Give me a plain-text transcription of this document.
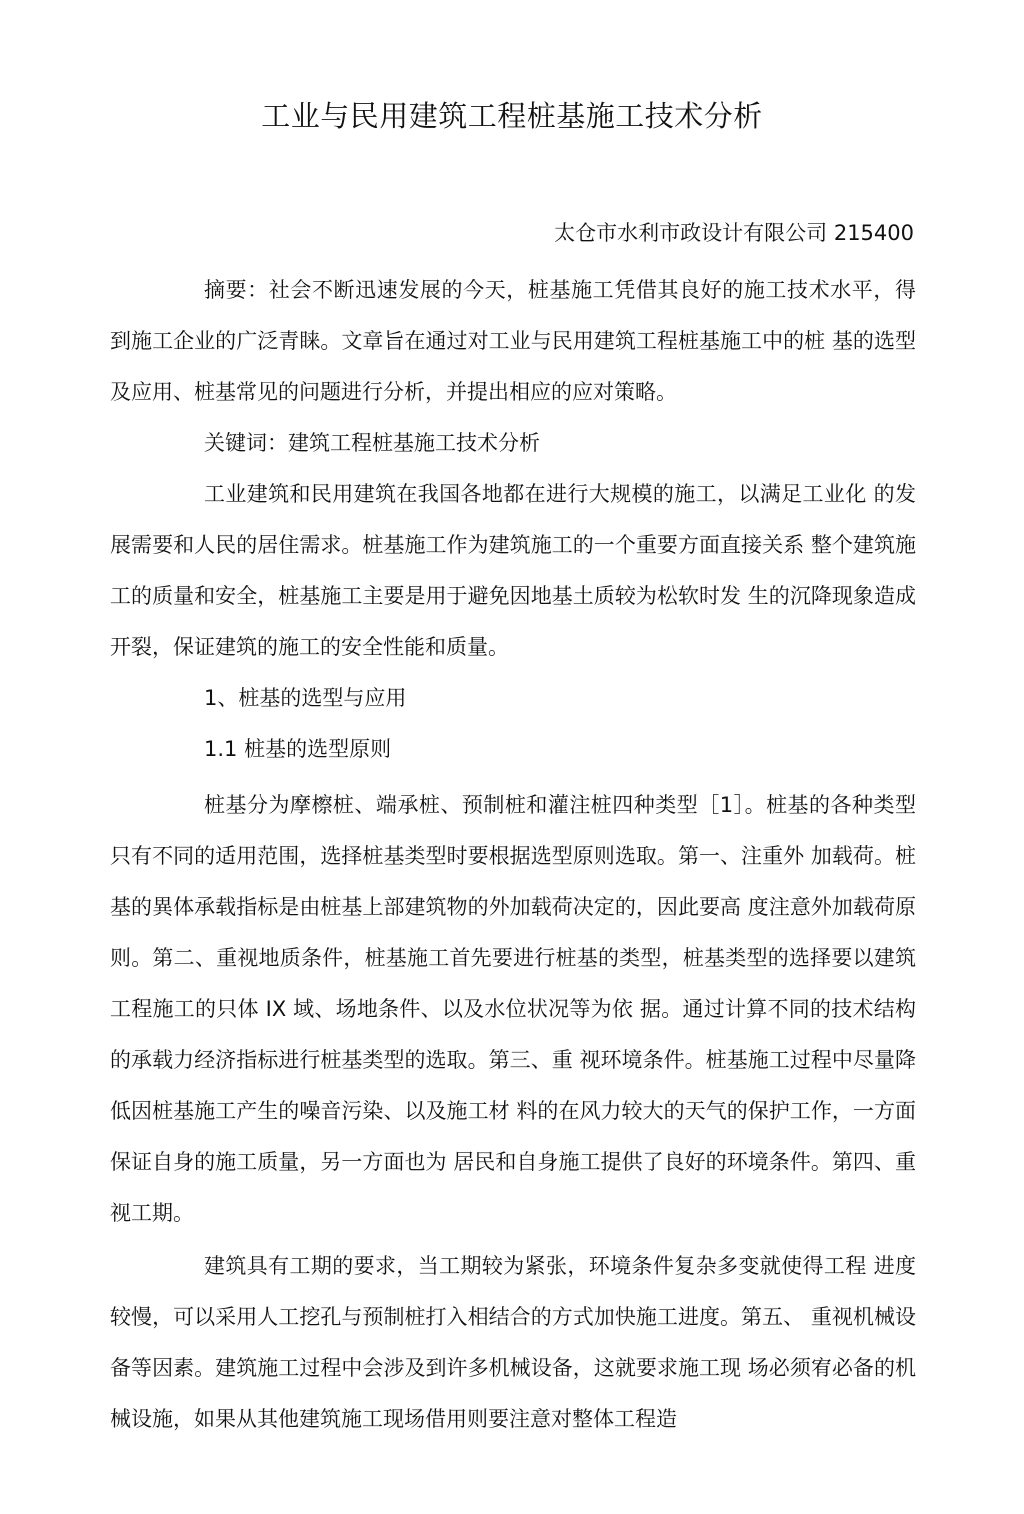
工业与民用建筑工程桩基施工技术分析
太仓市水利市政设计有限公司 215400

摘要：社会不断迅速发展的今天，桩基施工凭借其良好的施工技术水平，得到施工企业的广泛青睐。文章旨在通过对工业与民用建筑工程桩基施工中的桩 基的选型及应用、桩基常见的问题进行分析，并提出相应的应对策略。

关键词：建筑工程桩基施工技术分析

工业建筑和民用建筑在我国各地都在进行大规模的施工，以满足工业化 的发展需要和人民的居住需求。桩基施工作为建筑施工的一个重要方面直接关系 整个建筑施工的质量和安全，桩基施工主要是用于避免因地基土质较为松软时发 生的沉降现象造成开裂，保证建筑的施工的安全性能和质量。

1、桩基的选型与应用

1.1 桩基的选型原则

桩基分为摩檫桩、端承桩、预制桩和灌注桩四种类型［1］。桩基的各种类型只有不同的适用范围，选择桩基类型时要根据选型原则选取。第一、注重外 加载荷。桩基的異体承载指标是由桩基上部建筑物的外加载荷决定的，因此要高 度注意外加载荷原则。第二、重视地质条件，桩基施工首先要进行桩基的类型，桩基类型的选择要以建筑工程施工的只体 IX 域、场地条件、以及水位状况等为依 据。通过计算不同的技术结构的承载力经济指标进行桩基类型的选取。第三、重 视环境条件。桩基施工过程中尽量降低因桩基施工产生的噪音污染、以及施工材 料的在风力较大的天气的保护工作，一方面保证自身的施工质量，另一方面也为 居民和自身施工提供了良好的环境条件。第四、重视工期。

建筑具有工期的要求，当工期较为紧张，环境条件复杂多变就使得工程 进度较慢，可以采用人工挖孔与预制桩打入相结合的方式加快施工进度。第五、 重视机械设备等因素。建筑施工过程中会涉及到许多机械设备，这就要求施工现 场必须宥必备的机械设施，如果从其他建筑施工现场借用则要注意对整体工程造
